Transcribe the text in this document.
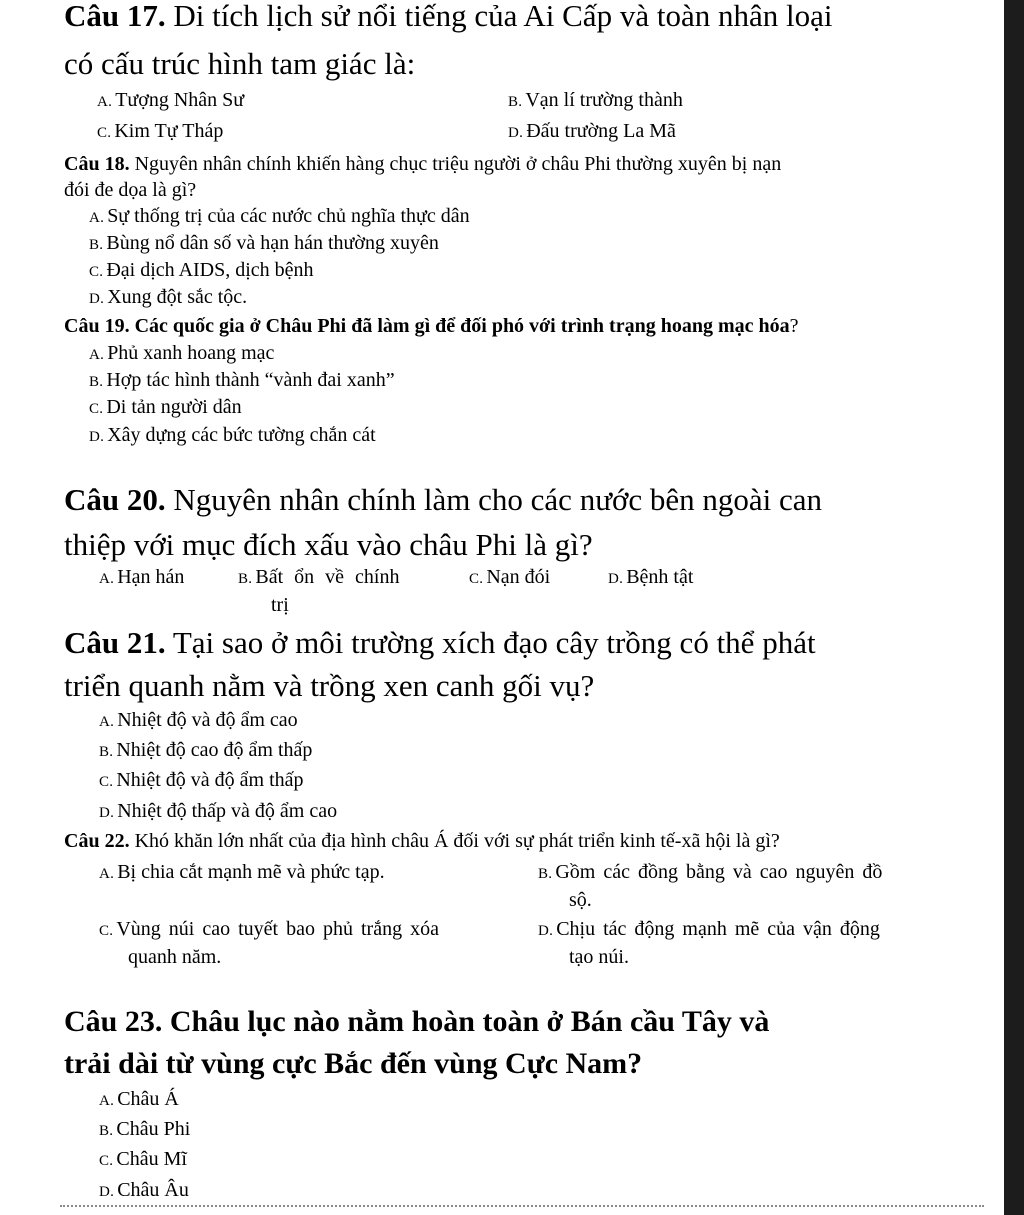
Câu 17. Di tích lịch sử nổi tiếng của Ai Cấp và toàn nhân loại
có cấu trúc hình tam giác là:
A. Tượng Nhân Sư	B. Vạn lí trường thành
C. Kim Tự Tháp	D. Đấu trường La Mã
Câu 18. Nguyên nhân chính khiến hàng chục triệu người ở châu Phi thường xuyên bị nạn
đói đe dọa là gì?
A. Sự thống trị của các nước chủ nghĩa thực dân
B. Bùng nổ dân số và hạn hán thường xuyên
C. Đại dịch AIDS, dịch bệnh
D. Xung đột sắc tộc.
Câu 19. Các quốc gia ở Châu Phi đã làm gì để đối phó với trình trạng hoang mạc hóa?
A. Phủ xanh hoang mạc
B. Hợp tác hình thành “vành đai xanh”
C. Di tản người dân
D. Xây dựng các bức tường chắn cát
Câu 20. Nguyên nhân chính làm cho các nước bên ngoài can
thiệp với mục đích xấu vào châu Phi là gì?
A. Hạn hán	B. Bất ổn về chính
trị
C. Nạn đói	D. Bệnh tật
Câu 21. Tại sao ở môi trường xích đạo cây trồng có thể phát
triển quanh nằm và trồng xen canh gối vụ?
A. Nhiệt độ và độ ẩm cao
B. Nhiệt độ cao độ ẩm thấp
C. Nhiệt độ và độ ẩm thấp
D. Nhiệt độ thấp và độ ẩm cao
Câu 22. Khó khăn lớn nhất của địa hình châu Á đối với sự phát triển kinh tế-xã hội là gì?
A. Bị chia cắt mạnh mẽ và phức tạp.	B. Gồm các đồng bằng và cao nguyên đồ
sộ.
C. Vùng núi cao tuyết bao phủ trắng xóa
quanh năm.
D. Chịu tác động mạnh mẽ của vận động
tạo núi.
Câu 23. Châu lục nào nằm hoàn toàn ở Bán cầu Tây và
trải dài từ vùng cực Bắc đến vùng Cực Nam?
A. Châu Á
B. Châu Phi
C. Châu Mĩ
D. Châu Âu
